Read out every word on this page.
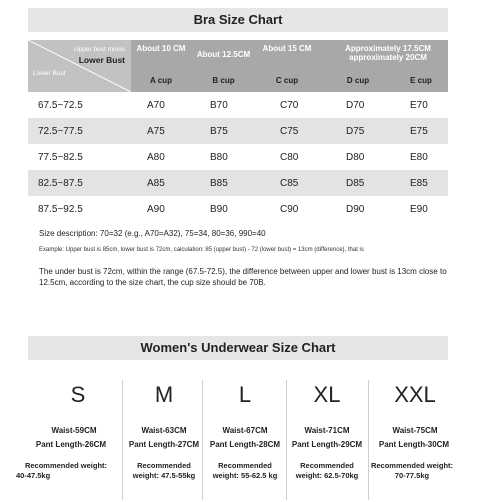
Bra Size Chart
Upper bust minus
Lower Bust
Lower Bust
About 10 CM
About 12.5CM
About 15 CM	Approximately 17.5CM
approximately 20CM
A cup	B cup	C cup	D cup	E cup
67.5~72.5	A70	B70	C70	D70	E70
72.5~77.5	A75	B75	C75	D75	E75
77.5~82.5	A80	B80	C80	D80	E80
82.5~87.5	A85	B85	C85	D85	E85
87.5~92.5	A90	B90	C90	D90	E90
Size description: 70=32 (e.g., A70=A32), 75=34, 80=36, 990=40
Example: Upper bust is 85cm, lower bust is 72cm, calculation: 85 (upper bust) - 72 (lower bust) = 13cm (difference), that is
The under bust is 72cm, within the range (67.5-72.5), the difference between upper and lower bust is 13cm close to 12.5cm, according to the size chart, the cup size should be 70B.
Women's Underwear Size Chart
S
Waist-59CM
Pant Length-26CM
Recommended weight:
40-47.5kg
M
Waist-63CM
Pant Length-27CM
Recommended
weight: 47.5-55kg
L
Waist-67CM
Pant Length-28CM
Recommended
weight: 55-62.5 kg
XL
Waist-71CM
Pant Length-29CM
Recommended
weight: 62.5-70kg
XXL
Waist-75CM
Pant Length-30CM
Recommended weight:
70-77.5kg
